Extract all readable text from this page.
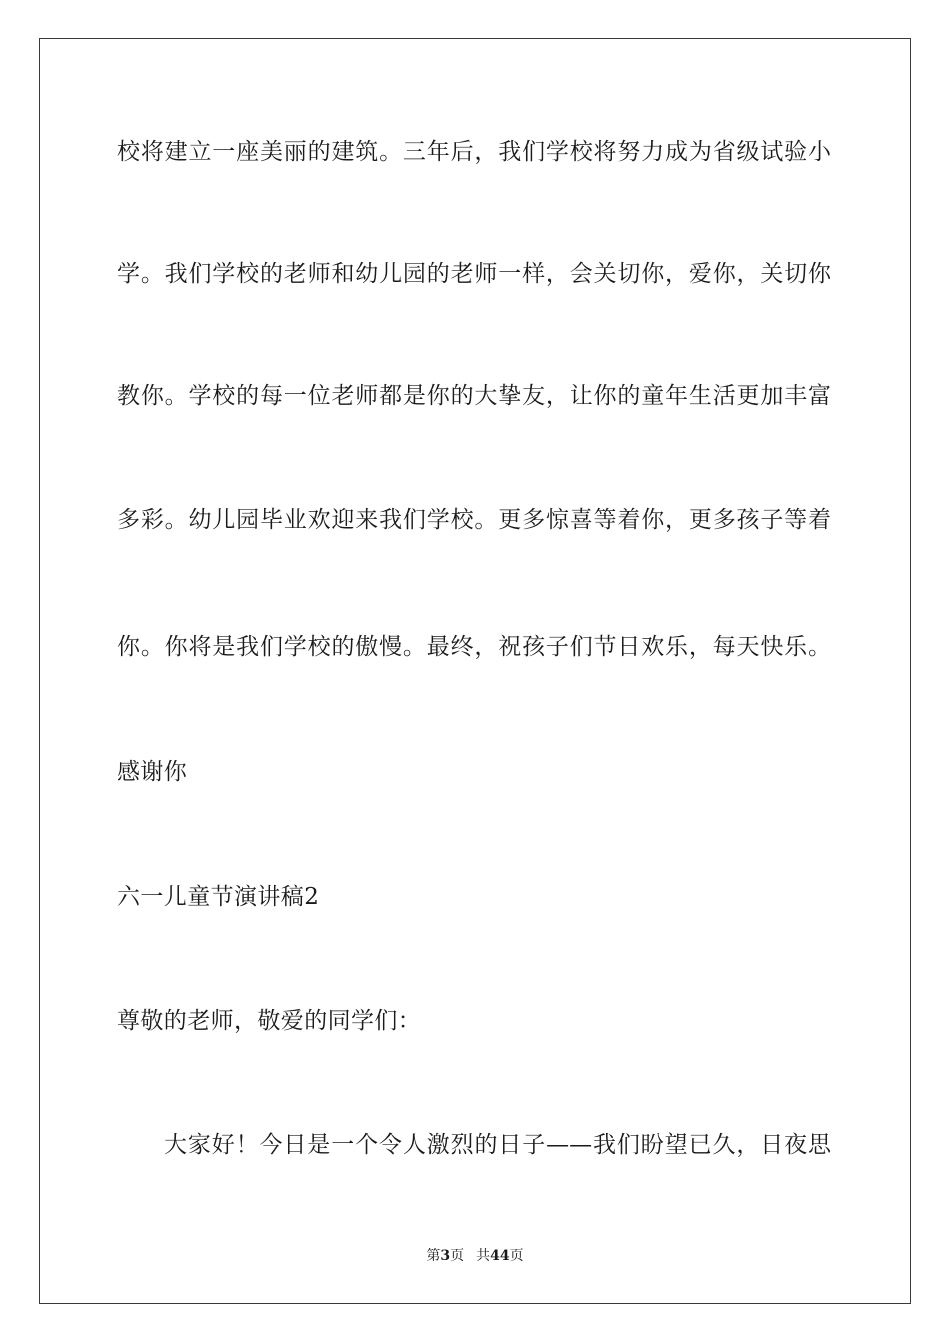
校将建立一座美丽的建筑。三年后，我们学校将努力成为省级试验小
学。我们学校的老师和幼儿园的老师一样，会关切你，爱你，关切你
教你。学校的每一位老师都是你的大挚友，让你的童年生活更加丰富
多彩。幼儿园毕业欢迎来我们学校。更多惊喜等着你，更多孩子等着
你。你将是我们学校的傲慢。最终，祝孩子们节日欢乐，每天快乐。
感谢你
六一儿童节演讲稿2
尊敬的老师，敬爱的同学们：
大家好！今日是一个令人激烈的日子——我们盼望已久，日夜思
第3页 共44页
